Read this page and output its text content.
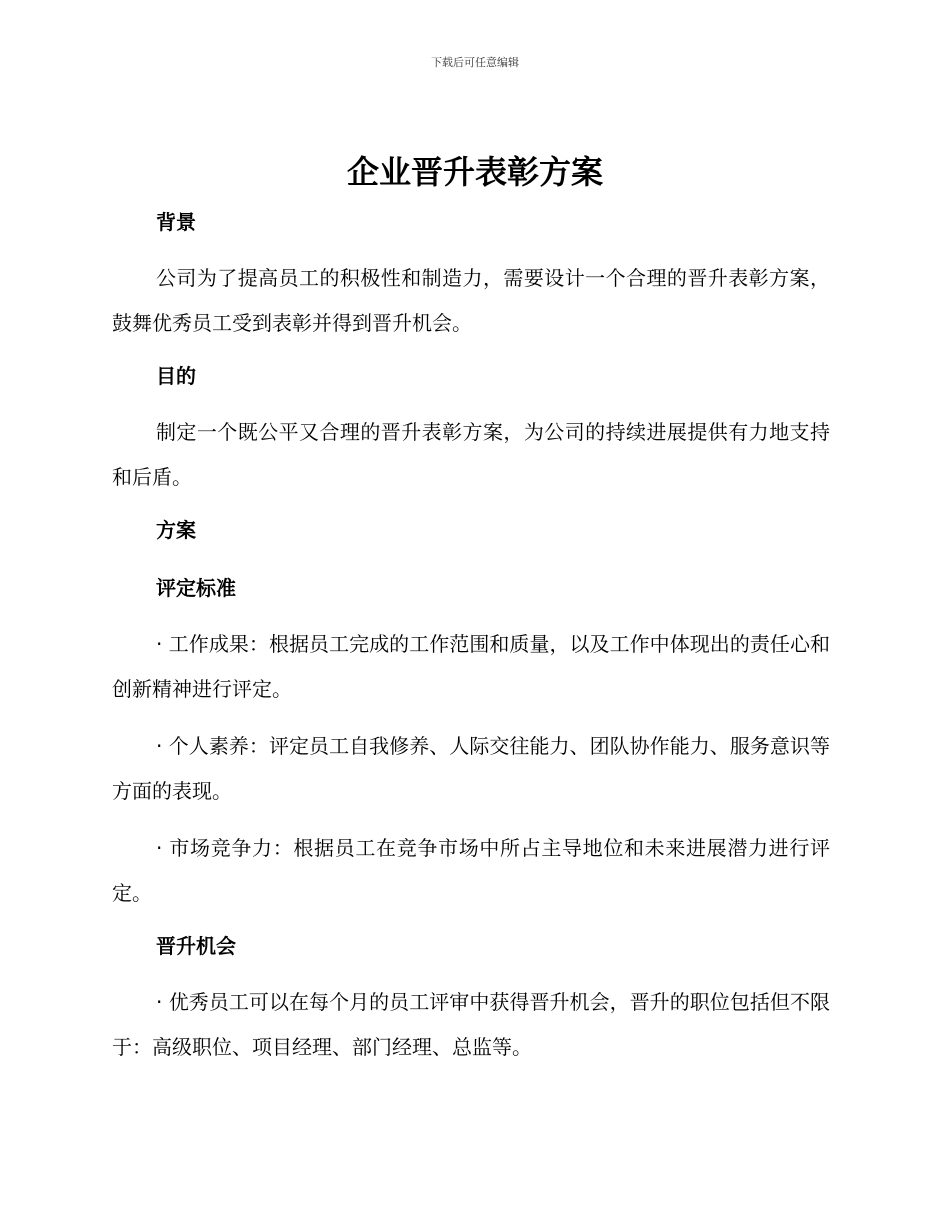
下载后可任意编辑
企业晋升表彰方案
背景

公司为了提高员工的积极性和制造力，需要设计一个合理的晋升表彰方案，鼓舞优秀员工受到表彰并得到晋升机会。

目的

制定一个既公平又合理的晋升表彰方案，为公司的持续进展提供有力地支持和后盾。

方案
评定标准

· 工作成果：根据员工完成的工作范围和质量，以及工作中体现出的责任心和创新精神进行评定。

· 个人素养：评定员工自我修养、人际交往能力、团队协作能力、服务意识等方面的表现。

· 市场竞争力：根据员工在竞争市场中所占主导地位和未来进展潜力进行评定。

晋升机会

· 优秀员工可以在每个月的员工评审中获得晋升机会，晋升的职位包括但不限于：高级职位、项目经理、部门经理、总监等。
